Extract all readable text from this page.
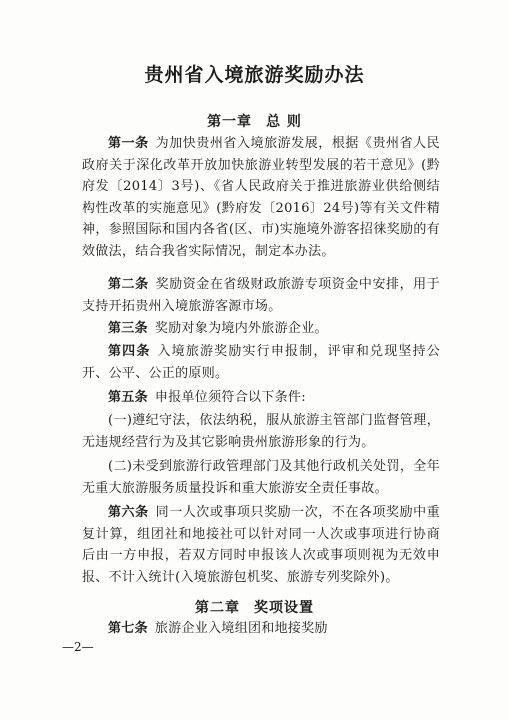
贵州省入境旅游奖励办法
第一章 总 则
第一条 为加快贵州省入境旅游发展，根据《贵州省人民政府关于深化改革开放加快旅游业转型发展的若干意见》(黔府发〔2014〕3号)、《省人民政府关于推进旅游业供给侧结构性改革的实施意见》(黔府发〔2016〕24号)等有关文件精神，参照国际和国内各省(区、市)实施境外游客招徕奖励的有效做法，结合我省实际情况，制定本办法。
第二条 奖励资金在省级财政旅游专项资金中安排，用于支持开拓贵州入境旅游客源市场。
第三条 奖励对象为境内外旅游企业。
第四条 入境旅游奖励实行申报制，评审和兑现坚持公开、公平、公正的原则。
第五条 申报单位须符合以下条件:
(一)遵纪守法，依法纳税，服从旅游主管部门监督管理，无违规经营行为及其它影响贵州旅游形象的行为。
(二)未受到旅游行政管理部门及其他行政机关处罚，全年无重大旅游服务质量投诉和重大旅游安全责任事故。
第六条 同一人次或事项只奖励一次，不在各项奖励中重复计算，组团社和地接社可以针对同一人次或事项进行协商后由一方申报，若双方同时申报该人次或事项则视为无效申报、不计入统计(入境旅游包机奖、旅游专列奖除外)。
第二章 奖项设置
第七条 旅游企业入境组团和地接奖励
—2—
